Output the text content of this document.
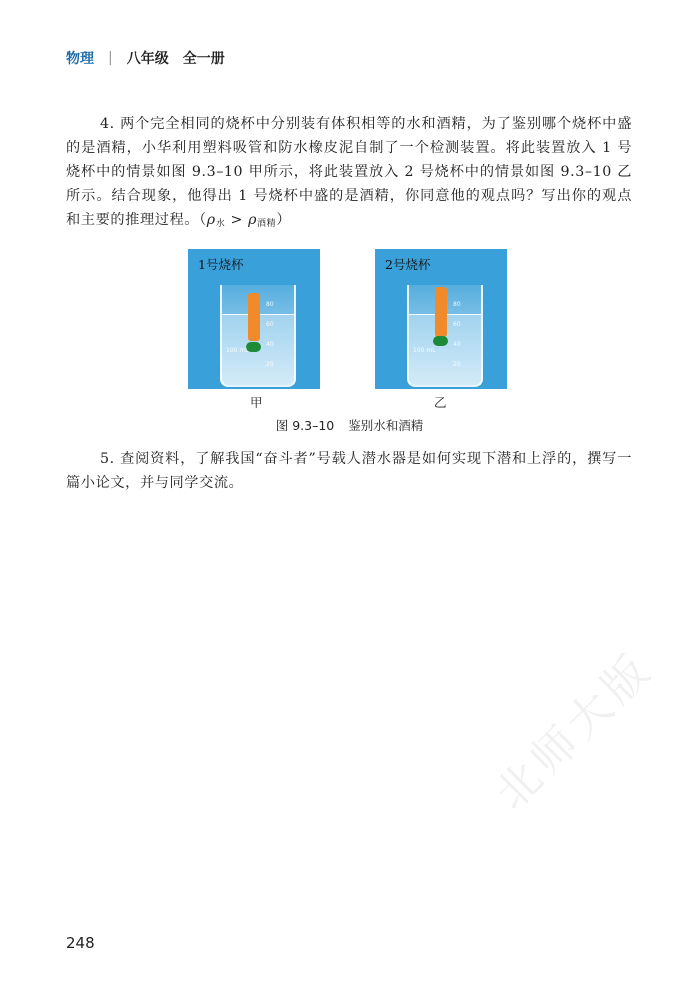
物理 | 八年级　全一册
4. 两个完全相同的烧杯中分别装有体积相等的水和酒精，为了鉴别哪个烧杯中盛的是酒精，小华利用塑料吸管和防水橡皮泥自制了一个检测装置。将此装置放入 1 号烧杯中的情景如图 9.3–10 甲所示，将此装置放入 2 号烧杯中的情景如图 9.3–10 乙所示。结合现象，他得出 1 号烧杯中盛的是酒精，你同意他的观点吗？写出你的观点和主要的推理过程。$(\rho_水 > \rho_{酒精})$
1号烧杯
80
60
40
20
100 mL
2号烧杯
80
60
40
20
100 mL
甲	乙
图 9.3–10 鉴别水和酒精
5. 查阅资料，了解我国“奋斗者”号载人潜水器是如何实现下潜和上浮的，撰写一篇小论文，并与同学交流。
248
北师大版
